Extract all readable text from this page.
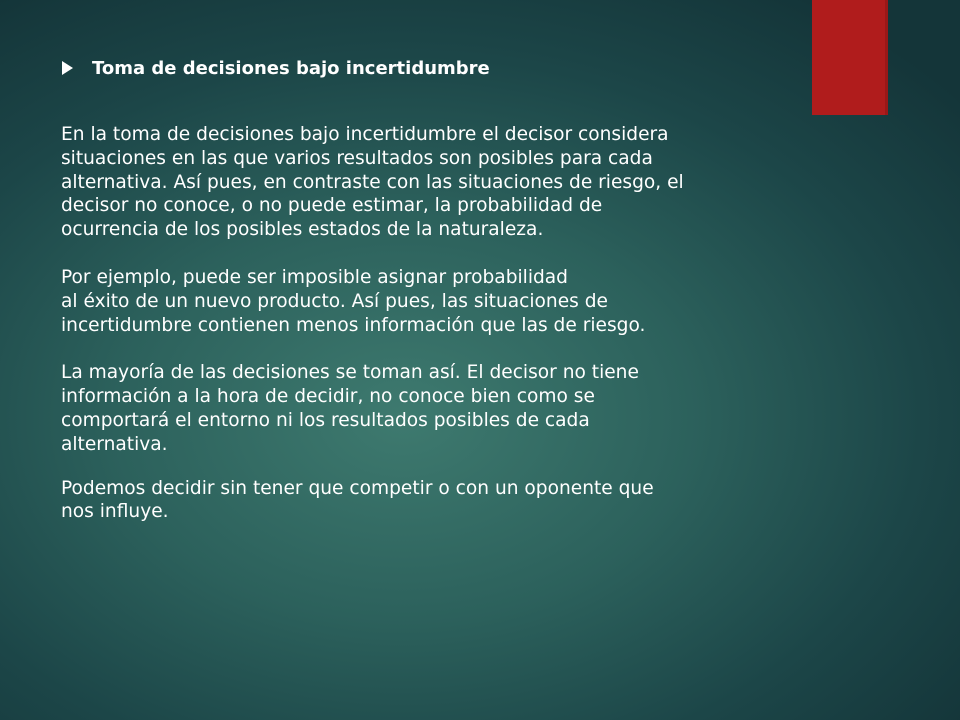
Toma de decisiones bajo incertidumbre

En la toma de decisiones bajo incertidumbre el decisor considera
situaciones en las que varios resultados son posibles para cada
alternativa. Así pues, en contraste con las situaciones de riesgo, el
decisor no conoce, o no puede estimar, la probabilidad de
ocurrencia de los posibles estados de la naturaleza.

Por ejemplo, puede ser imposible asignar probabilidad
al éxito de un nuevo producto. Así pues, las situaciones de
incertidumbre contienen menos información que las de riesgo.

La mayoría de las decisiones se toman así. El decisor no tiene
información a la hora de decidir, no conoce bien como se
comportará el entorno ni los resultados posibles de cada
alternativa.

Podemos decidir sin tener que competir o con un oponente que
nos influye.
